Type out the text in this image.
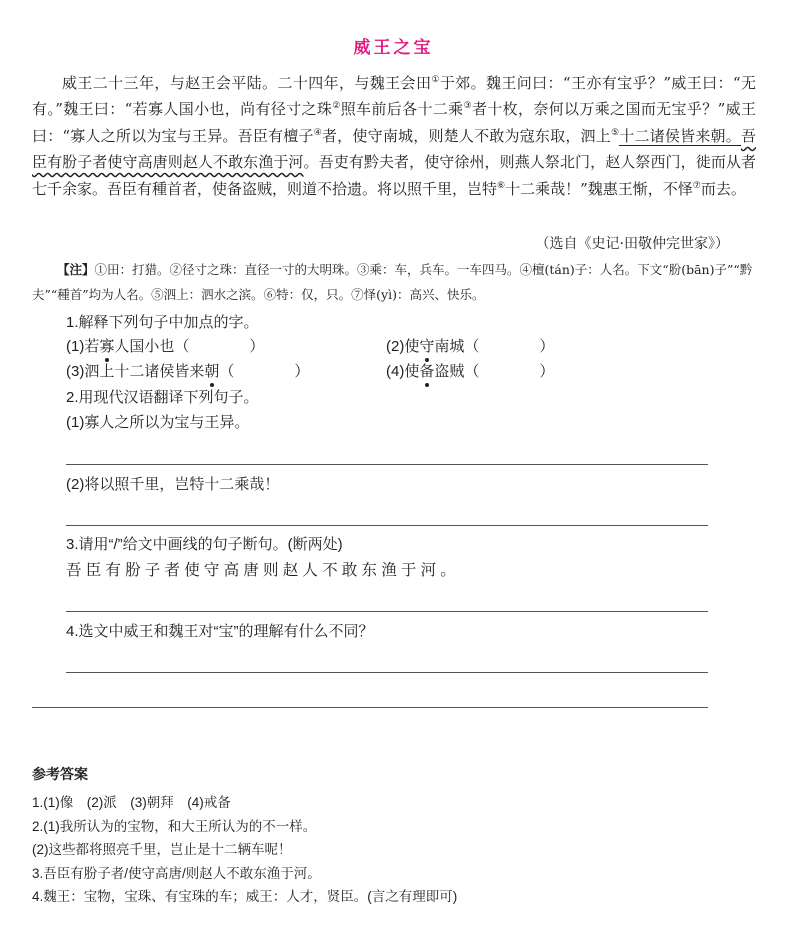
威王之宝
威王二十三年，与赵王会平陆。二十四年，与魏王会田①于郊。魏王问曰：“王亦有宝乎？”威王曰：“无有。”魏王曰：“若寡人国小也，尚有径寸之珠②照车前后各十二乘③者十枚，奈何以万乘之国而无宝乎？”威王曰：“寡人之所以为宝与王异。吾臣有檀子④者，使守南城，则楚人不敢为寇东取，泗上⑤十二诸侯皆来朝。吾臣有肦子者使守高唐则赵人不敢东渔于河。吾吏有黔夫者，使守徐州，则燕人祭北门，赵人祭西门，徙而从者七千余家。吾臣有種首者，使备盗贼，则道不拾遗。将以照千里，岂特⑥十二乘哉！”魏惠王惭，不怿⑦而去。
（选自《史记·田敬仲完世家》）
【注】①田：打猎。②径寸之珠：直径一寸的大明珠。③乘：车，兵车。一车四马。④檀(tán)子：人名。下文“肦(bān)子”“黔夫”“種首”均为人名。⑤泗上：泗水之滨。⑥特：仅，只。⑦怿(yì)：高兴、快乐。
1.解释下列句子中加点的字。
(1)若寡人国小也（　　　　）	(2)使守南城（　　　　）
(3)泗上十二诸侯皆来朝（　　　　）	(4)使备盗贼（　　　　）
2.用现代汉语翻译下列句子。
(1)寡人之所以为宝与王异。
(2)将以照千里，岂特十二乘哉！
3.请用“/”给文中画线的句子断句。(断两处)
吾臣有肦子者使守高唐则赵人不敢东渔于河。
4.选文中威王和魏王对“宝”的理解有什么不同？
参考答案
1.(1)像　(2)派　(3)朝拜　(4)戒备
2.(1)我所认为的宝物，和大王所认为的不一样。
(2)这些都将照亮千里，岂止是十二辆车呢！
3.吾臣有肦子者/使守高唐/则赵人不敢东渔于河。
4.魏王：宝物，宝珠、有宝珠的车；威王：人才，贤臣。(言之有理即可)
